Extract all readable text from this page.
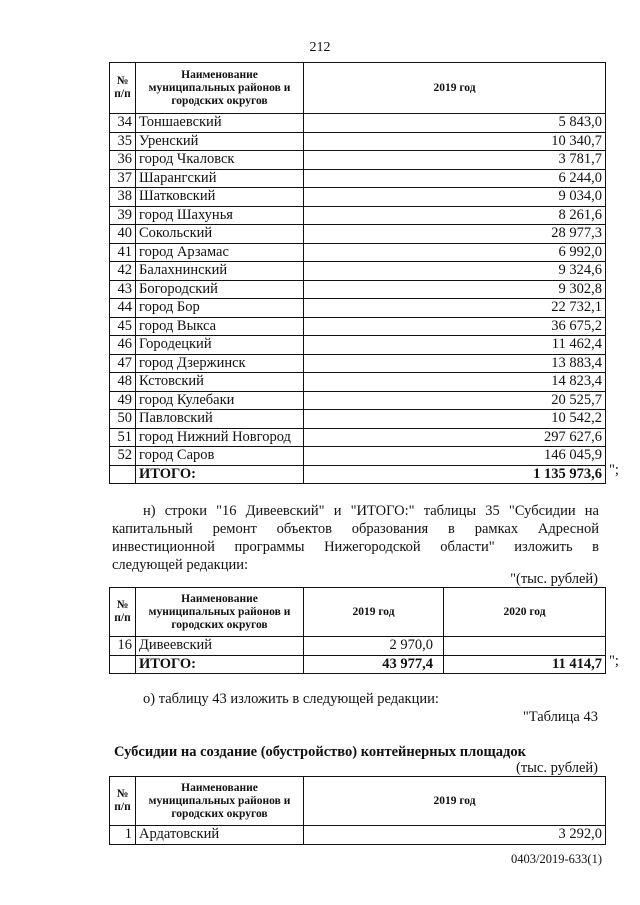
212
№ п/п	Наименование муниципальных районов и городских округов	2019 год
34	Тоншаевский	5 843,0
35	Уренский	10 340,7
36	город Чкаловск	3 781,7
37	Шарангский	6 244,0
38	Шатковский	9 034,0
39	город Шахунья	8 261,6
40	Сокольский	28 977,3
41	город Арзамас	6 992,0
42	Балахнинский	9 324,6
43	Богородский	9 302,8
44	город Бор	22 732,1
45	город Выкса	36 675,2
46	Городецкий	11 462,4
47	город Дзержинск	13 883,4
48	Кстовский	14 823,4
49	город Кулебаки	20 525,7
50	Павловский	10 542,2
51	город Нижний Новгород	297 627,6
52	город Саров	146 045,9
	ИТОГО:	1 135 973,6 ";
н) строки "16 Дивеевский" и "ИТОГО:" таблицы 35 "Субсидии на
капитальный ремонт объектов образования в рамках Адресной
инвестиционной программы Нижегородской области" изложить в
следующей редакции:
"(тыс. рублей)
№ п/п	Наименование муниципальных районов и городских округов	2019 год	2020 год
16	Дивеевский	2 970,0	
	ИТОГО:	43 977,4	11 414,7 ";
о) таблицу 43 изложить в следующей редакции:
"Таблица 43
Субсидии на создание (обустройство) контейнерных площадок
(тыс. рублей)
№ п/п	Наименование муниципальных районов и городских округов	2019 год
1	Ардатовский	3 292,0
0403/2019-633(1)
